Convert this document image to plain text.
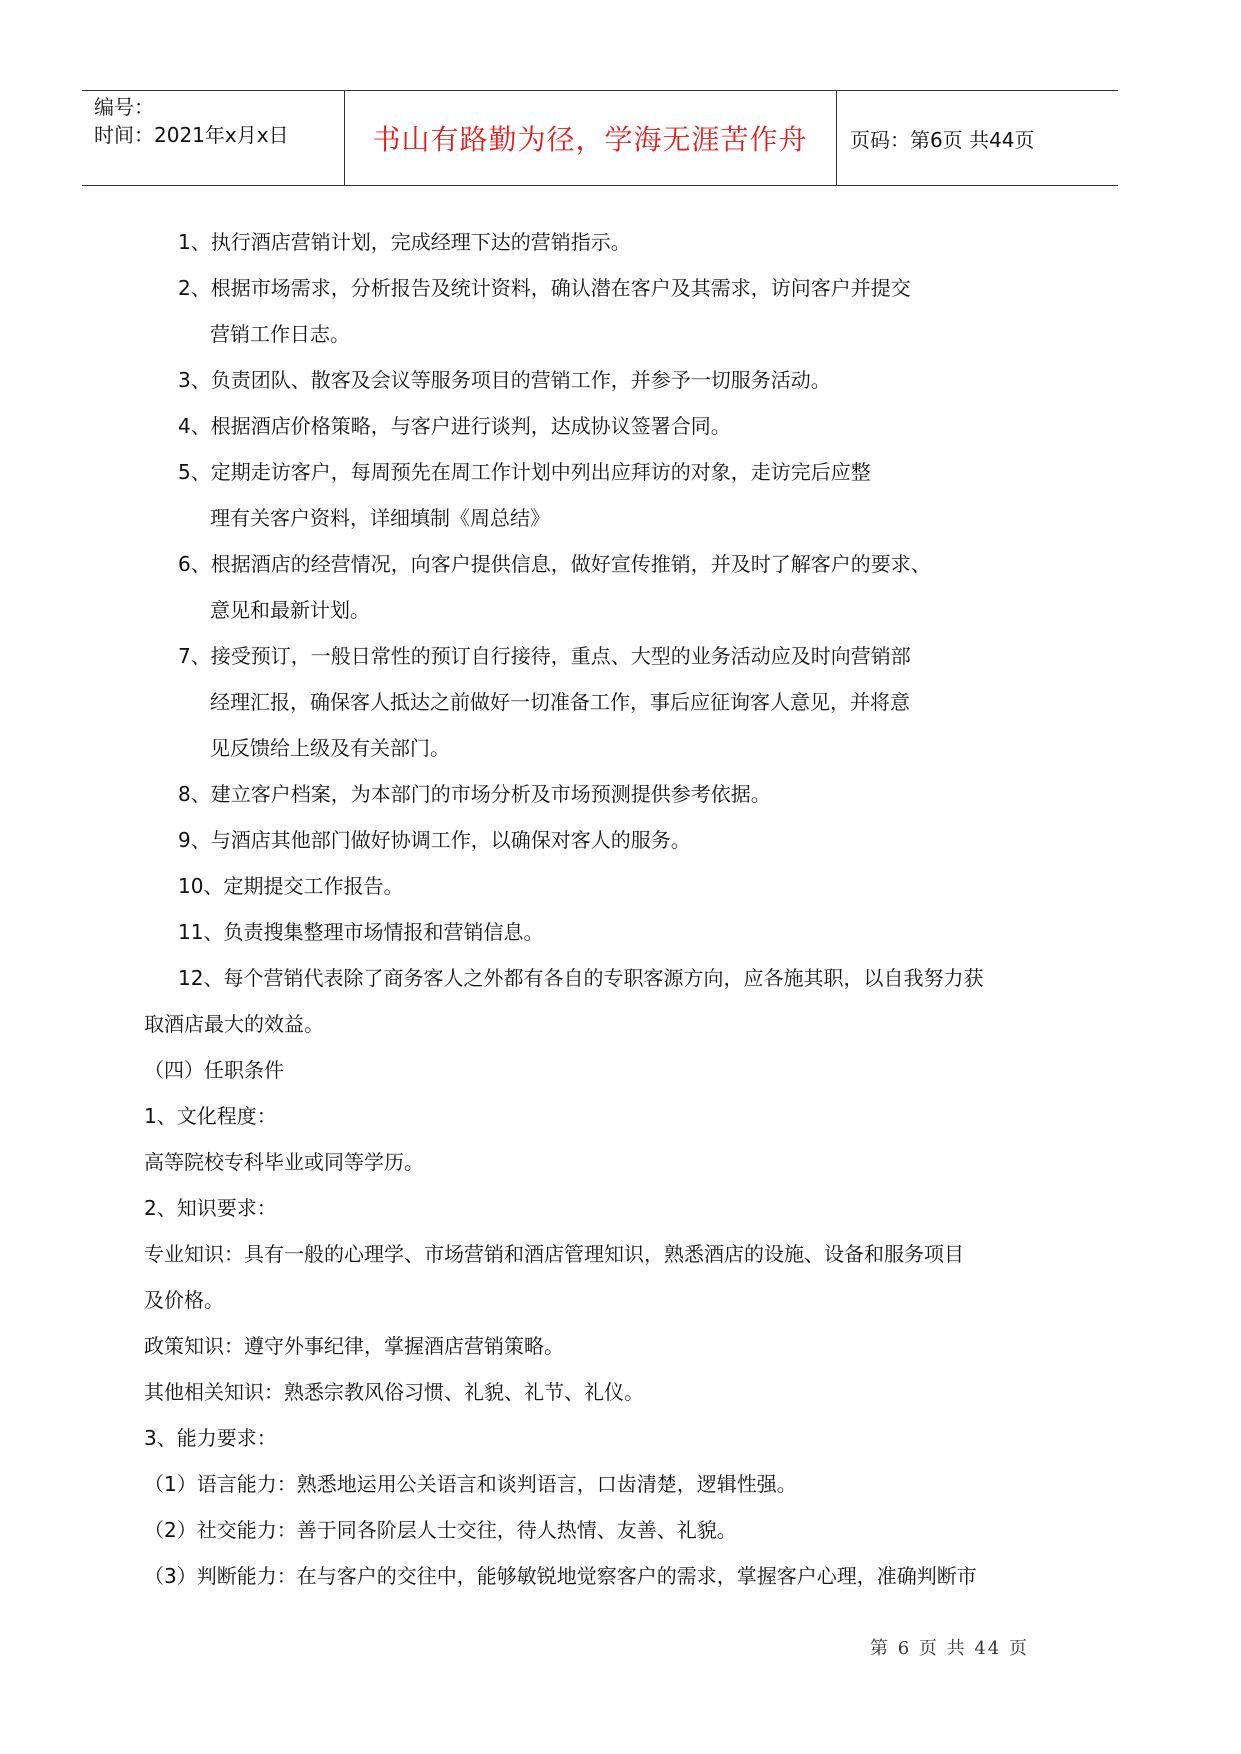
编号：
时间：2021年x月x日	书山有路勤为径，学海无涯苦作舟	页码：第6页 共44页
1、执行酒店营销计划，完成经理下达的营销指示。
2、根据市场需求，分析报告及统计资料，确认潜在客户及其需求，访问客户并提交
营销工作日志。
3、负责团队、散客及会议等服务项目的营销工作，并参予一切服务活动。
4、根据酒店价格策略，与客户进行谈判，达成协议签署合同。
5、定期走访客户，每周预先在周工作计划中列出应拜访的对象，走访完后应整
理有关客户资料，详细填制《周总结》
6、根据酒店的经营情况，向客户提供信息，做好宣传推销，并及时了解客户的要求、
意见和最新计划。
7、接受预订，一般日常性的预订自行接待，重点、大型的业务活动应及时向营销部
经理汇报，确保客人抵达之前做好一切准备工作，事后应征询客人意见，并将意
见反馈给上级及有关部门。
8、建立客户档案，为本部门的市场分析及市场预测提供参考依据。
9、与酒店其他部门做好协调工作，以确保对客人的服务。
10、定期提交工作报告。
11、负责搜集整理市场情报和营销信息。
12、每个营销代表除了商务客人之外都有各自的专职客源方向，应各施其职，以自我努力获
取酒店最大的效益。
（四）任职条件
1、文化程度：
高等院校专科毕业或同等学历。
2、知识要求：
专业知识：具有一般的心理学、市场营销和酒店管理知识，熟悉酒店的设施、设备和服务项目
及价格。
政策知识：遵守外事纪律，掌握酒店营销策略。
其他相关知识：熟悉宗教风俗习惯、礼貌、礼节、礼仪。
3、能力要求：
（1）语言能力：熟悉地运用公关语言和谈判语言，口齿清楚，逻辑性强。
（2）社交能力：善于同各阶层人士交往，待人热情、友善、礼貌。
（3）判断能力：在与客户的交往中，能够敏锐地觉察客户的需求，掌握客户心理，准确判断市
第 6 页 共 44 页
